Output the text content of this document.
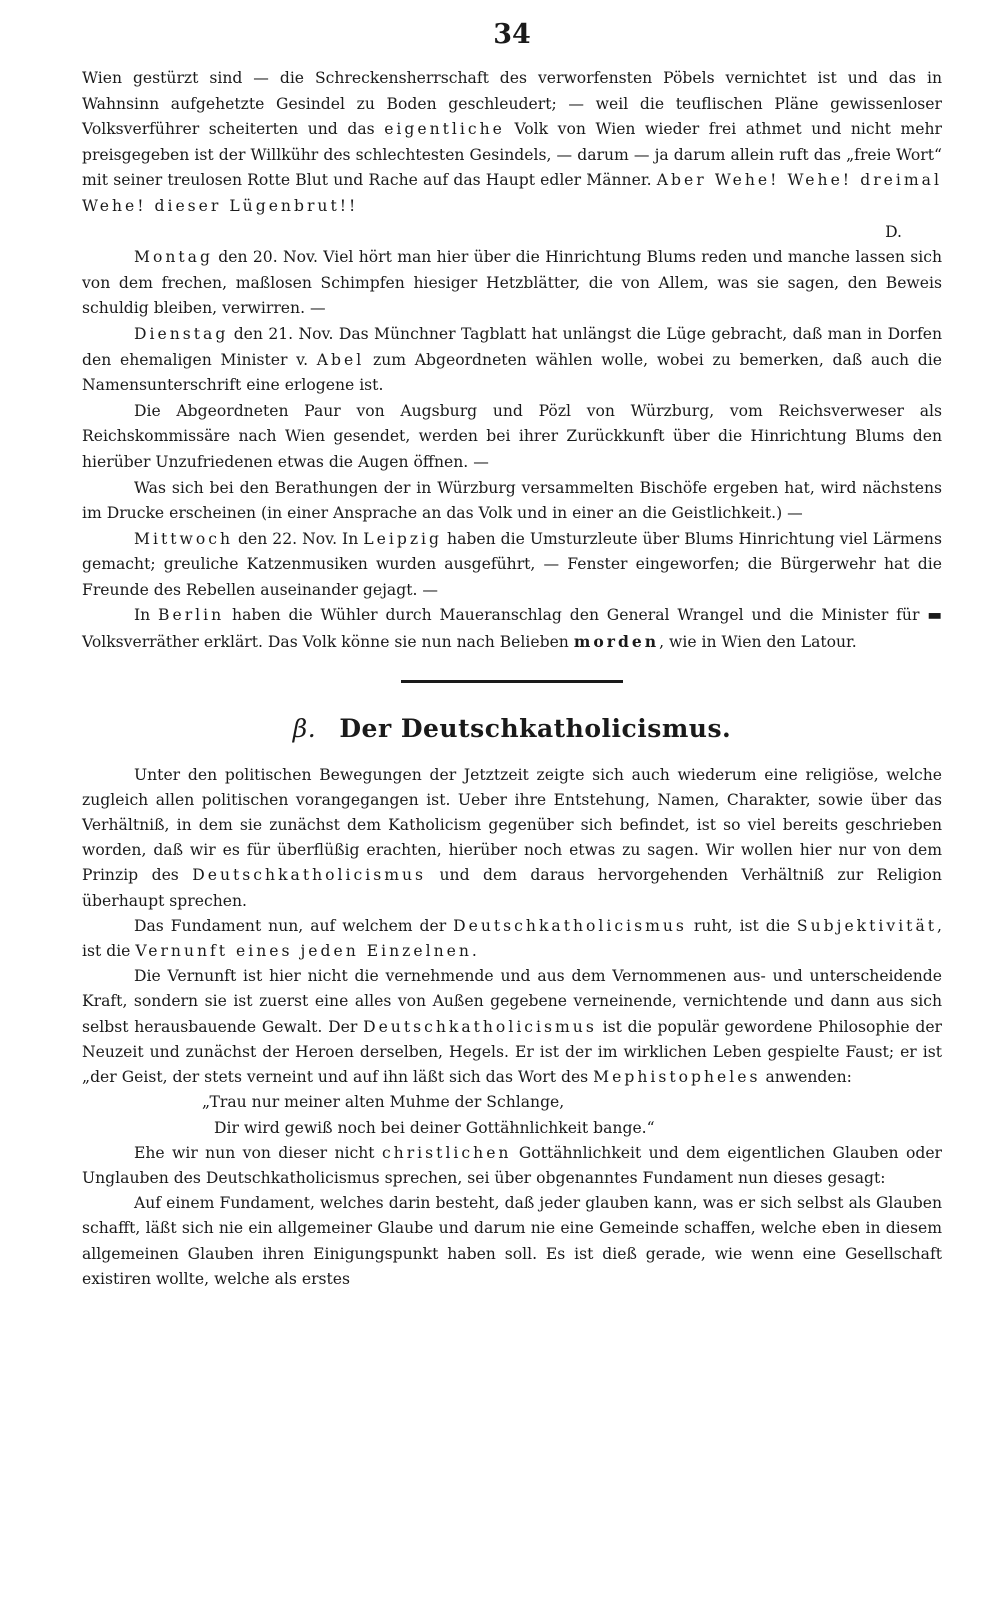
34

Wien gestürzt sind — die Schreckensherrschaft des verworfensten Pöbels vernichtet ist und das in Wahnsinn aufgehetzte Gesindel zu Boden geschleudert; — weil die teuflischen Pläne gewissenloser Volksverführer scheiterten und das eigentliche Volk von Wien wieder frei athmet und nicht mehr preisgegeben ist der Willkühr des schlechtesten Gesindels, — darum — ja darum allein ruft das „freie Wort“ mit seiner treulosen Rotte Blut und Rache auf das Haupt edler Männer. Aber Wehe! Wehe! dreimal Wehe! dieser Lügenbrut!!

D.

Montag den 20. Nov. Viel hört man hier über die Hinrichtung Blums reden und manche lassen sich von dem frechen, maßlosen Schimpfen hiesiger Hetzblätter, die von Allem, was sie sagen, den Beweis schuldig bleiben, verwirren. —

Dienstag den 21. Nov. Das Münchner Tagblatt hat unlängst die Lüge gebracht, daß man in Dorfen den ehemaligen Minister v. Abel zum Abgeordneten wählen wolle, wobei zu bemerken, daß auch die Namensunterschrift eine erlogene ist.

Die Abgeordneten Paur von Augsburg und Pözl von Würzburg, vom Reichsverweser als Reichskommissäre nach Wien gesendet, werden bei ihrer Zurückkunft über die Hinrichtung Blums den hierüber Unzufriedenen etwas die Augen öffnen. —

Was sich bei den Berathungen der in Würzburg versammelten Bischöfe ergeben hat, wird nächstens im Drucke erscheinen (in einer Ansprache an das Volk und in einer an die Geistlichkeit.) —

Mittwoch den 22. Nov. In Leipzig haben die Umsturzleute über Blums Hinrichtung viel Lärmens gemacht; greuliche Katzenmusiken wurden ausgeführt, — Fenster eingeworfen; die Bürgerwehr hat die Freunde des Rebellen auseinander gejagt. —

In Berlin haben die Wühler durch Maueranschlag den General Wrangel und die Minister für ▬ Volksverräther erklärt. Das Volk könne sie nun nach Belieben morden, wie in Wien den Latour.

β. Der Deutschkatholicismus.

Unter den politischen Bewegungen der Jetztzeit zeigte sich auch wiederum eine religiöse, welche zugleich allen politischen vorangegangen ist. Ueber ihre Entstehung, Namen, Charakter, sowie über das Verhältniß, in dem sie zunächst dem Katholicism gegenüber sich befindet, ist so viel bereits geschrieben worden, daß wir es für überflüßig erachten, hierüber noch etwas zu sagen. Wir wollen hier nur von dem Prinzip des Deutschkatholicismus und dem daraus hervorgehenden Verhältniß zur Religion überhaupt sprechen.

Das Fundament nun, auf welchem der Deutschkatholicismus ruht, ist die Subjektivität, ist die Vernunft eines jeden Einzelnen.

Die Vernunft ist hier nicht die vernehmende und aus dem Vernommenen aus- und unterscheidende Kraft, sondern sie ist zuerst eine alles von Außen gegebene verneinende, vernichtende und dann aus sich selbst herausbauende Gewalt. Der Deutschkatholicismus ist die populär gewordene Philosophie der Neuzeit und zunächst der Heroen derselben, Hegels. Er ist der im wirklichen Leben gespielte Faust; er ist „der Geist, der stets verneint und auf ihn läßt sich das Wort des Mephistopheles anwenden:

„Trau nur meiner alten Muhme der Schlange,

Dir wird gewiß noch bei deiner Gottähnlichkeit bange.“

Ehe wir nun von dieser nicht christlichen Gottähnlichkeit und dem eigentlichen Glauben oder Unglauben des Deutschkatholicismus sprechen, sei über obgenanntes Fundament nun dieses gesagt:

Auf einem Fundament, welches darin besteht, daß jeder glauben kann, was er sich selbst als Glauben schafft, läßt sich nie ein allgemeiner Glaube und darum nie eine Gemeinde schaffen, welche eben in diesem allgemeinen Glauben ihren Einigungspunkt haben soll. Es ist dieß gerade, wie wenn eine Gesellschaft existiren wollte, welche als erstes
